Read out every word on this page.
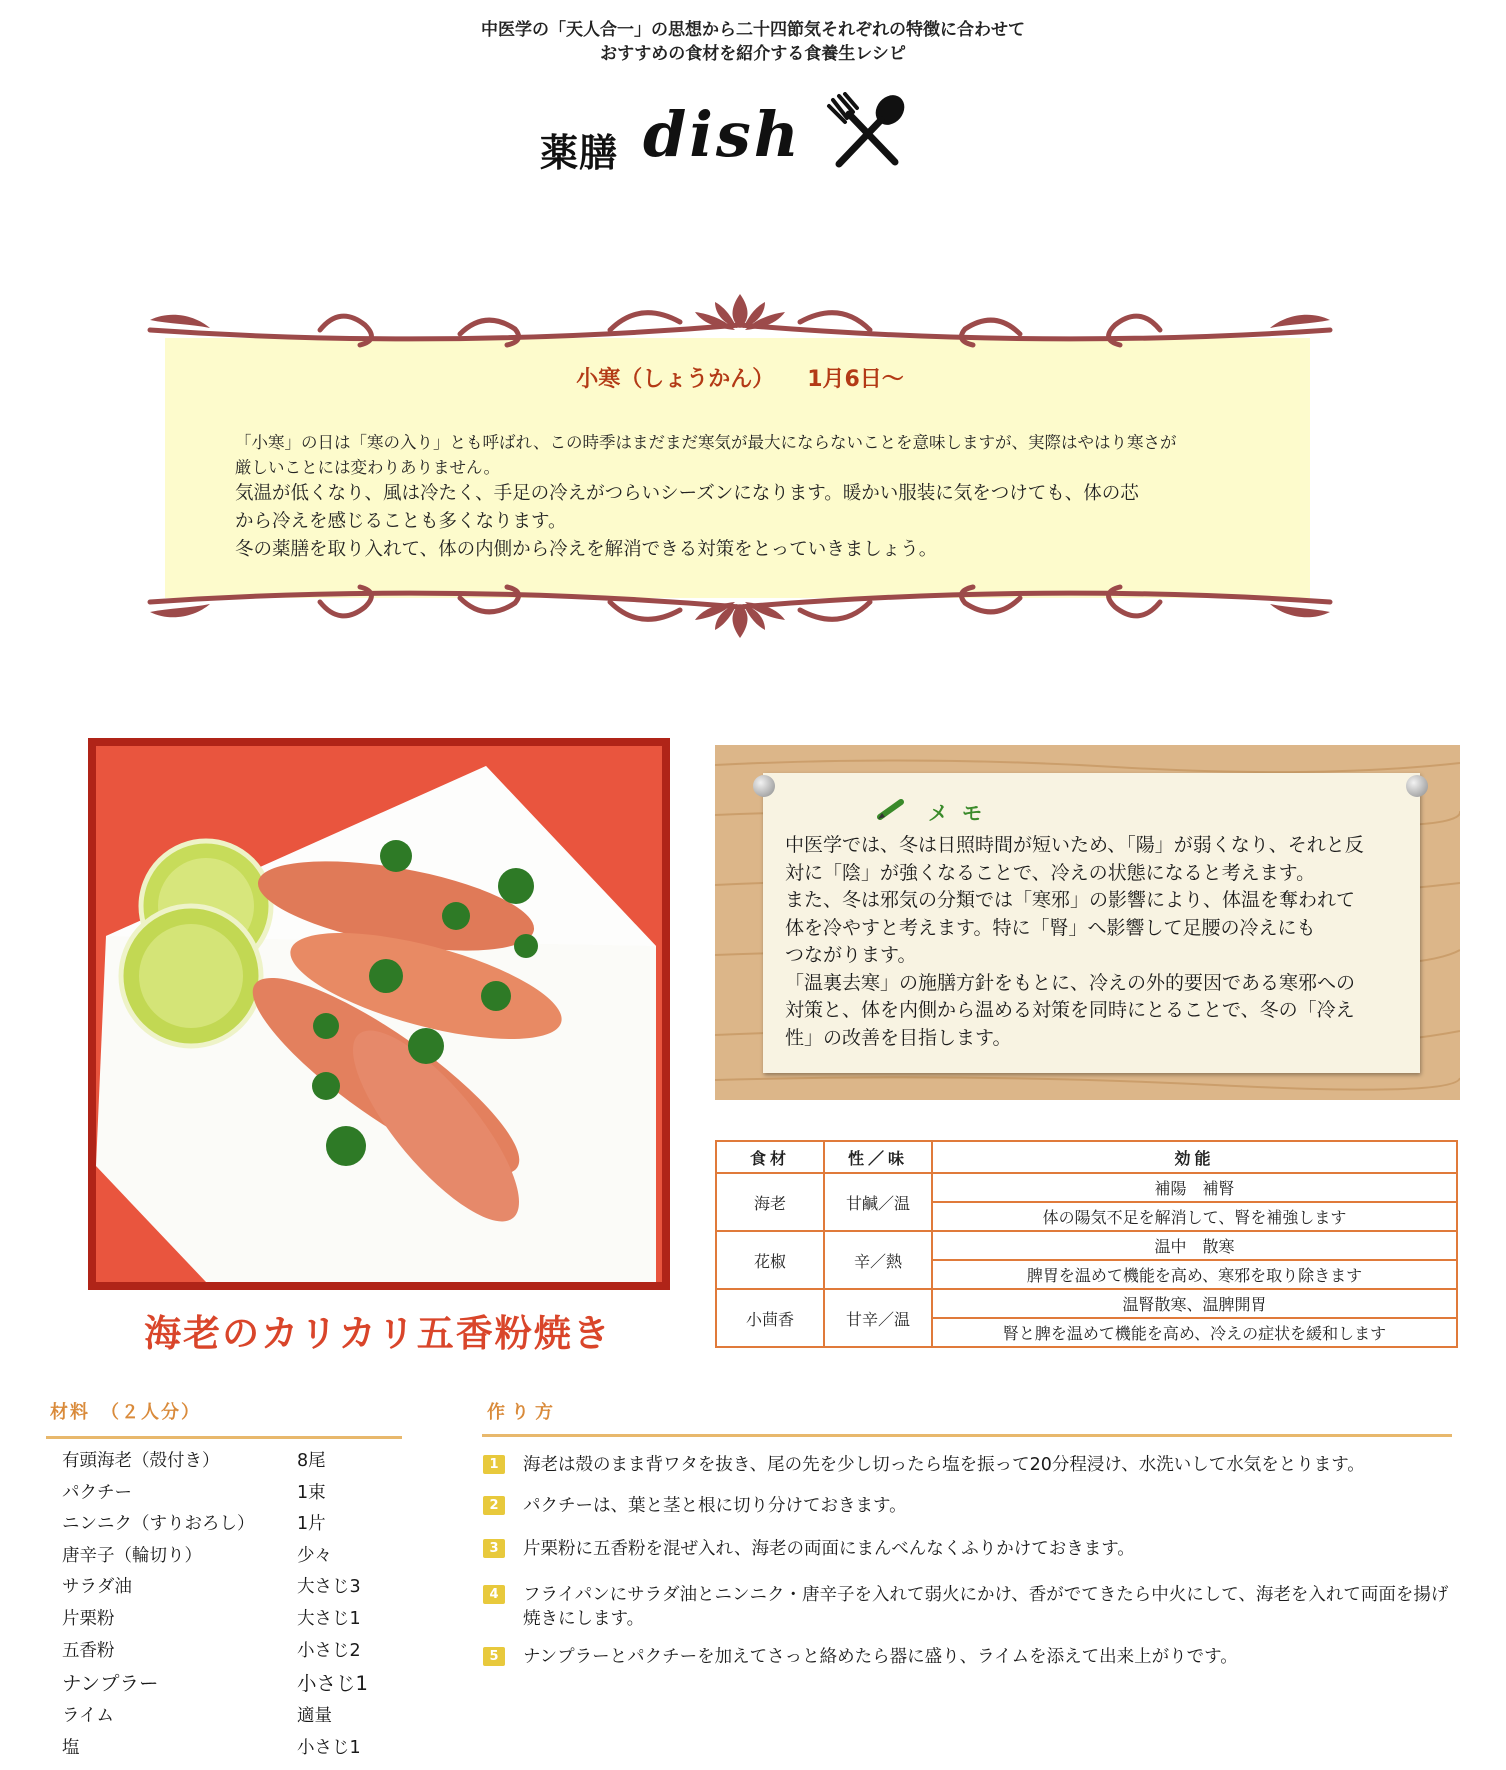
中医学の「天人合一」の思想から二十四節気それぞれの特徴に合わせて
おすすめの食材を紹介する食養生レシピ
薬膳 dish
小寒（しょうかん）　　1月6日～

「小寒」の日は「寒の入り」とも呼ばれ、この時季はまだまだ寒気が最大にならないことを意味しますが、実際はやはり寒さが

厳しいことには変わりありません。

気温が低くなり、風は冷たく、手足の冷えがつらいシーズンになります。暖かい服装に気をつけても、体の芯

から冷えを感じることも多くなります。

冬の薬膳を取り入れて、体の内側から冷えを解消できる対策をとっていきましょう。

海老のカリカリ五香粉焼き
メモ

中医学では、冬は日照時間が短いため、「陽」が弱くなり、それと反

対に「陰」が強くなることで、冷えの状態になると考えます。

また、冬は邪気の分類では「寒邪」の影響により、体温を奪われて

体を冷やすと考えます。特に「腎」へ影響して足腰の冷えにも

つながります。

「温裏去寒」の施膳方針をもとに、冷えの外的要因である寒邪への

対策と、体を内側から温める対策を同時にとることで、冬の「冷え

性」の改善を目指します。

食材	性／味	効能
海老	甘鹹／温	補陽　補腎
		体の陽気不足を解消して、腎を補強します
花椒	辛／熱	温中　散寒
		脾胃を温めて機能を高め、寒邪を取り除きます
小茴香	甘辛／温	温腎散寒、温脾開胃
		腎と脾を温めて機能を高め、冷えの症状を緩和します
材料　（２人分）
有頭海老（殻付き）	8尾
パクチー	1束
ニンニク（すりおろし） 1片
唐辛子（輪切り）	少々
サラダ油	大さじ3
片栗粉	大さじ1
五香粉	小さじ2
ナンプラー	小さじ1
ライム	適量
塩	小さじ1
作り方
1	海老は殻のまま背ワタを抜き、尾の先を少し切ったら塩を振って20分程浸け、水洗いして水気をとります。
2	パクチーは、葉と茎と根に切り分けておきます。
3	片栗粉に五香粉を混ぜ入れ、海老の両面にまんべんなくふりかけておきます。
4	フライパンにサラダ油とニンニク・唐辛子を入れて弱火にかけ、香がでてきたら中火にして、海老を入れて両面を揚げ焼きにします。
5	ナンプラーとパクチーを加えてさっと絡めたら器に盛り、ライムを添えて出来上がりです。
